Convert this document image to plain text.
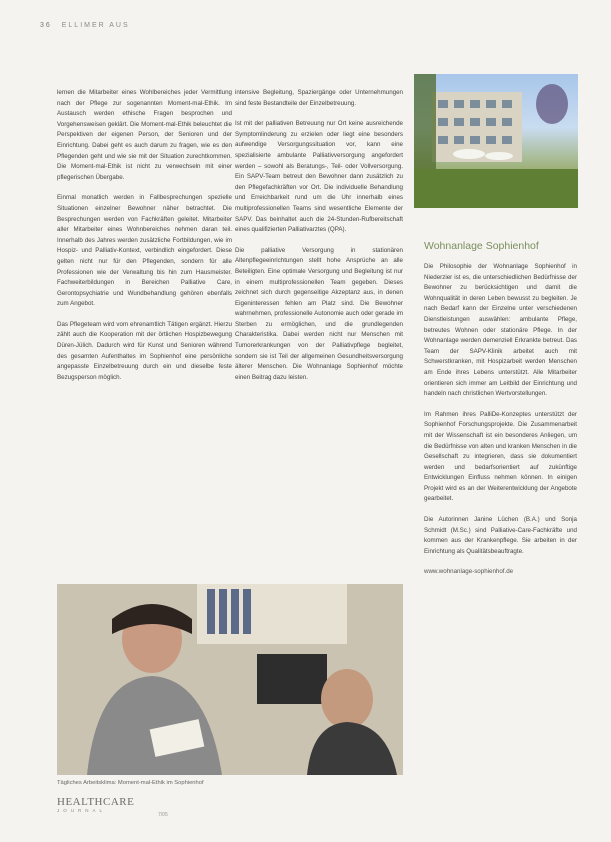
36 ELLIMER AUS

lernen die Mitarbeiter eines Wohlbereiches jeder Vermittlung nach der Pflege zur sogenannten Moment-mal-Ethik. Im Austausch werden ethische Fragen besprochen und Vorgehensweisen geklärt. Die Moment-mal-Ethik beleuchtet die Perspektiven der eigenen Person, der Senioren und der Einrichtung. Dabei geht es auch darum zu fragen, wie es den Pflegenden geht und wie sie mit der Situation zurechtkommen. Die Moment-mal-Ethik ist nicht zu verwechseln mit einer pflegerischen Übergabe.

Einmal monatlich werden in Fallbesprechungen spezielle Situationen einzelner Bewohner näher betrachtet. Die Besprechungen werden von Fachkräften geleitet. Mitarbeiter aller Mitarbeiter eines Wohnbereiches nehmen daran teil. Innerhalb des Jahres werden zusätzliche Fortbildungen, wie im Hospiz- und Palliativ-Kontext, verbindlich eingefordert. Diese gelten nicht nur für den Pflegenden, sondern für alle Professionen wie der Verwaltung bis hin zum Hausmeister. Fachweiterbildungen in Bereichen Palliative Care, Gerontopsychiatrie und Wundbehandlung gehören ebenfalls zum Angebot.

Das Pflegeteam wird vom ehrenamtlich Tätigen ergänzt. Hierzu zählt auch die Kooperation mit der örtlichen Hospizbewegung Düren-Jülich. Dadurch wird für Kunst und Senioren während des gesamten Aufenthaltes im Sophienhof eine persönliche angepasste Einzelbetreuung durch ein und dieselbe feste Bezugsperson möglich.

intensive Begleitung, Spaziergänge oder Unternehmungen sind feste Bestandteile der Einzelbetreuung.

Ist mit der palliativen Betreuung nur Ort keine ausreichende Symptomlinderung zu erzielen oder liegt eine besonders aufwendige Versorgungssituation vor, kann eine spezialisierte ambulante Palliativversorgung angefordert werden – sowohl als Beratungs-, Teil- oder Vollversorgung. Ein SAPV-Team betreut den Bewohner dann zusätzlich zu den Pflegefachkräften vor Ort. Die individuelle Behandlung und Erreichbarkeit rund um die Uhr innerhalb eines multiprofessionellen Teams sind wesentliche Elemente der SAPV. Das beinhaltet auch die 24-Stunden-Rufbereitschaft eines qualifizierten Palliativarztes (QPA).

Die palliative Versorgung in stationären Altenpflegeeinrichtungen stellt hohe Ansprüche an alle Beteiligten. Eine optimale Versorgung und Begleitung ist nur in einem multiprofessionellen Team gegeben. Dieses zeichnet sich durch gegenseitige Akzeptanz aus, in denen Eigeninteressen fehlen am Platz sind. Die Bewohner wahrnehmen, professionelle Autonomie auch oder gerade im Sterben zu ermöglichen, und die grundlegenden Charakteristika. Dabei werden nicht nur Menschen mit Tumorerkrankungen von der Palliativpflege begleitet, sondern sie ist Teil der allgemeinen Gesundheitsversorgung älterer Menschen. Die Wohnanlage Sophienhof möchte einen Beitrag dazu leisten.

Wohnanlage Sophienhof

Die Philosophie der Wohnanlage Sophienhof in Niederzier ist es, die unterschiedlichen Bedürfnisse der Bewohner zu berücksichtigen und damit die Wohnqualität in deren Leben bewusst zu begleiten. Je nach Bedarf kann der Einzelne unter verschiedenen Dienstleistungen auswählen: ambulante Pflege, betreutes Wohnen oder stationäre Pflege. In der Wohnanlage werden demenziell Erkrankte betreut. Das Team der SAPV-Klinik arbeitet auch mit Schwerstkranken, mit Hospizarbeit werden Menschen am Ende ihres Lebens unterstützt. Alle Mitarbeiter orientieren sich immer am Leitbild der Einrichtung und handeln nach christlichen Wertvorstellungen.

Im Rahmen ihres PalliDe-Konzeptes unterstützt der Sophienhof Forschungsprojekte. Die Zusammenarbeit mit der Wissenschaft ist ein besonderes Anliegen, um die Bedürfnisse von alten und kranken Menschen in die Gesellschaft zu integrieren, dass sie dokumentiert werden und bedarfsorientiert auf zukünftige Entwicklungen Einfluss nehmen können. In einigen Projekt wird es an der Weiterentwicklung der Angebote gearbeitet.

Die Autorinnen Janine Lüchen (B.A.) und Sonja Schmidt (M.Sc.) sind Palliative-Care-Fachkräfte und kommen aus der Krankenpflege. Sie arbeiten in der Einrichtung als Qualitätsbeauftragte.

www.wohnanlage-sophienhof.de

Tägliches Arbeitsklima: Moment-mal-Ethik im Sophienhof
HEALTHCARE
JOURNAL
7/05
